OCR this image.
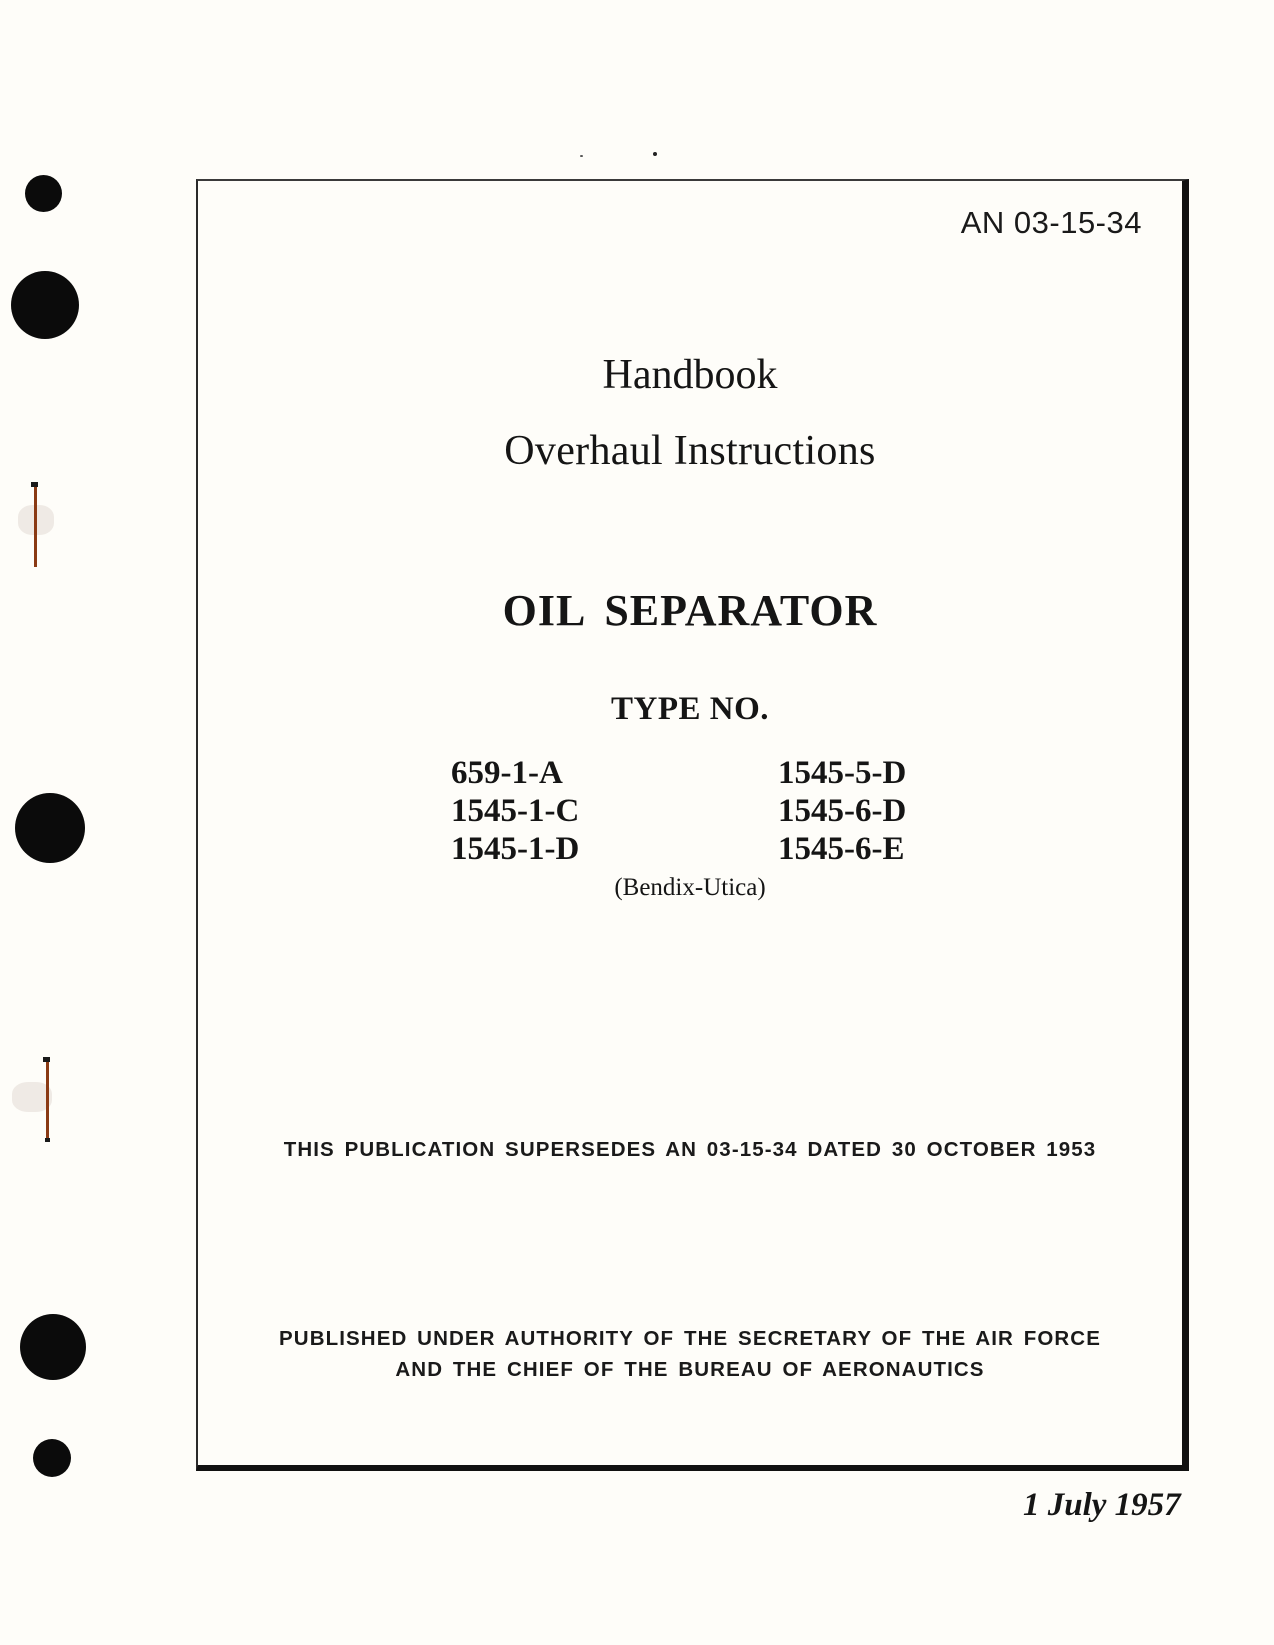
AN 03-15-34
Handbook
Overhaul Instructions
OIL SEPARATOR
TYPE NO.
659-1-A
1545-1-C
1545-1-D
1545-5-D
1545-6-D
1545-6-E
(Bendix-Utica)
THIS PUBLICATION SUPERSEDES AN 03-15-34 DATED 30 OCTOBER 1953
PUBLISHED UNDER AUTHORITY OF THE SECRETARY OF THE AIR FORCE
AND THE CHIEF OF THE BUREAU OF AERONAUTICS
1 July 1957
